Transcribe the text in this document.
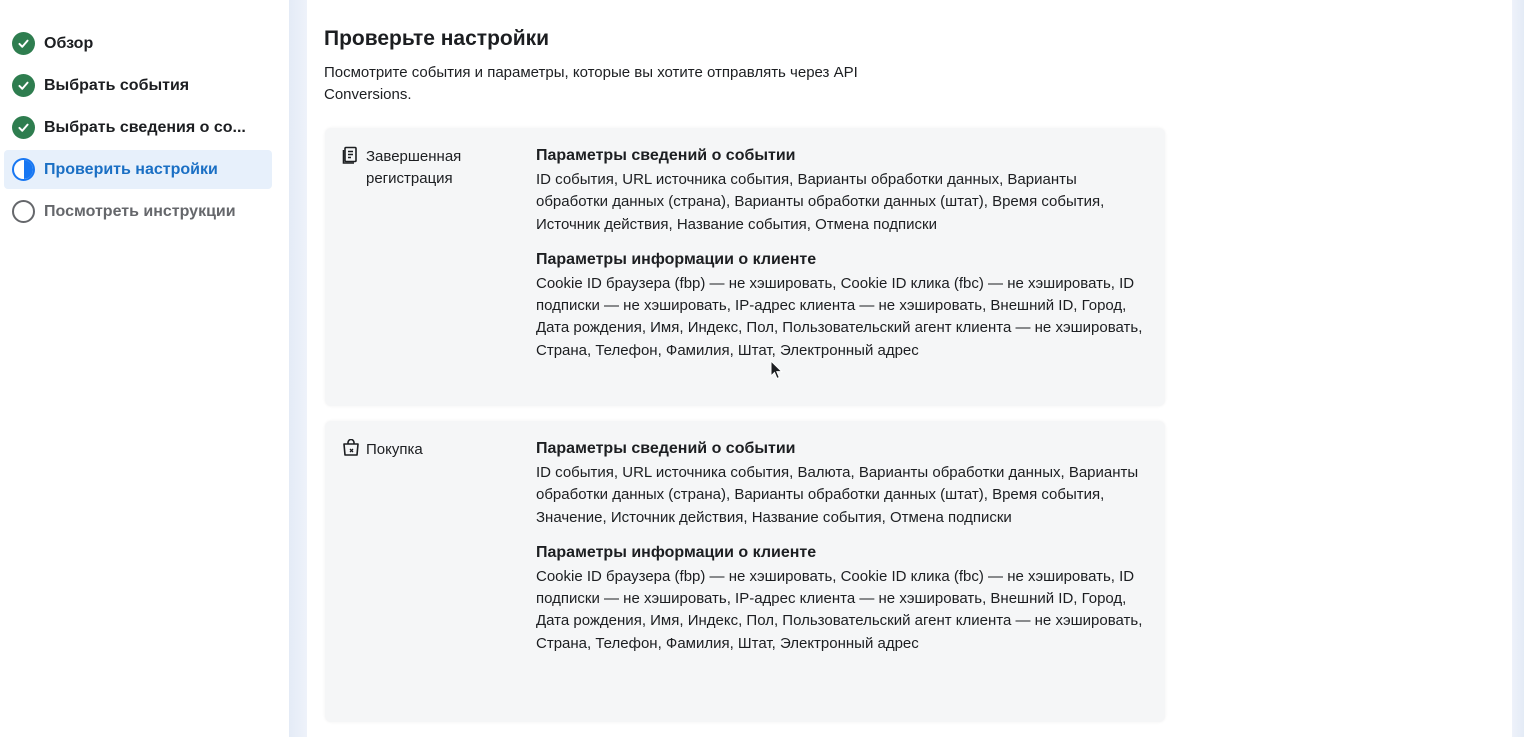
Обзор
Выбрать события
Выбрать сведения о со...
Проверить настройки
Посмотреть инструкции
Проверьте настройки

Посмотрите события и параметры, которые вы хотите отправлять через API Conversions.

Завершенная регистрация
Параметры сведений о событии
ID события, URL источника события, Варианты обработки данных, Варианты обработки данных (страна), Варианты обработки данных (штат), Время события, Источник действия, Название события, Отмена подписки
Параметры информации о клиенте
Cookie ID браузера (fbp) — не хэшировать, Cookie ID клика (fbc) — не хэшировать, ID подписки — не хэшировать, IP-адрес клиента — не хэшировать, Внешний ID, Город, Дата рождения, Имя, Индекс, Пол, Пользовательский агент клиента — не хэшировать, Страна, Телефон, Фамилия, Штат, Электронный адрес
Покупка	Параметры сведений о событии
ID события, URL источника события, Валюта, Варианты обработки данных, Варианты обработки данных (страна), Варианты обработки данных (штат), Время события, Значение, Источник действия, Название события, Отмена подписки
Параметры информации о клиенте
Cookie ID браузера (fbp) — не хэшировать, Cookie ID клика (fbc) — не хэшировать, ID подписки — не хэшировать, IP-адрес клиента — не хэшировать, Внешний ID, Город, Дата рождения, Имя, Индекс, Пол, Пользовательский агент клиента — не хэшировать, Страна, Телефон, Фамилия, Штат, Электронный адрес
